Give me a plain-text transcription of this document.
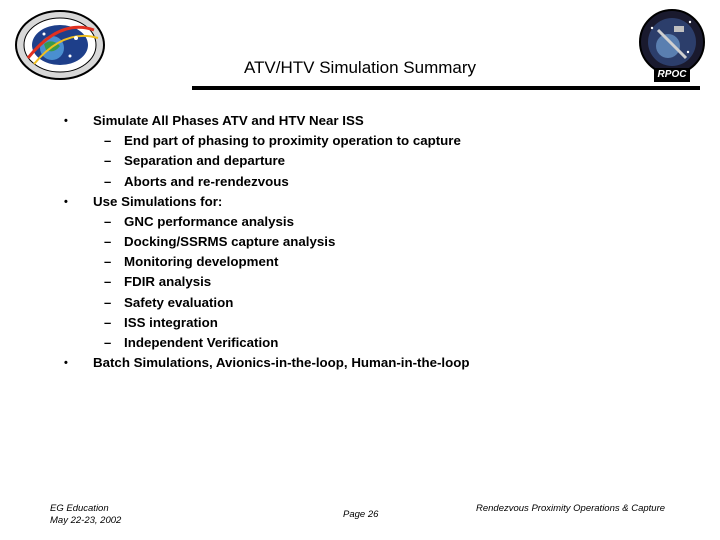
RPOC
ATV/HTV Simulation Summary
• Simulate All Phases ATV and HTV Near ISS
– End part of phasing to proximity operation to capture
– Separation and departure
– Aborts and re-rendezvous
• Use Simulations for:
– GNC performance analysis
– Docking/SSRMS capture analysis
– Monitoring development
– FDIR analysis
– Safety evaluation
– ISS integration
– Independent Verification
• Batch Simulations, Avionics-in-the-loop, Human-in-the-loop
EG Education
May 22-23, 2002
Page 26
Rendezvous Proximity Operations & Capture
